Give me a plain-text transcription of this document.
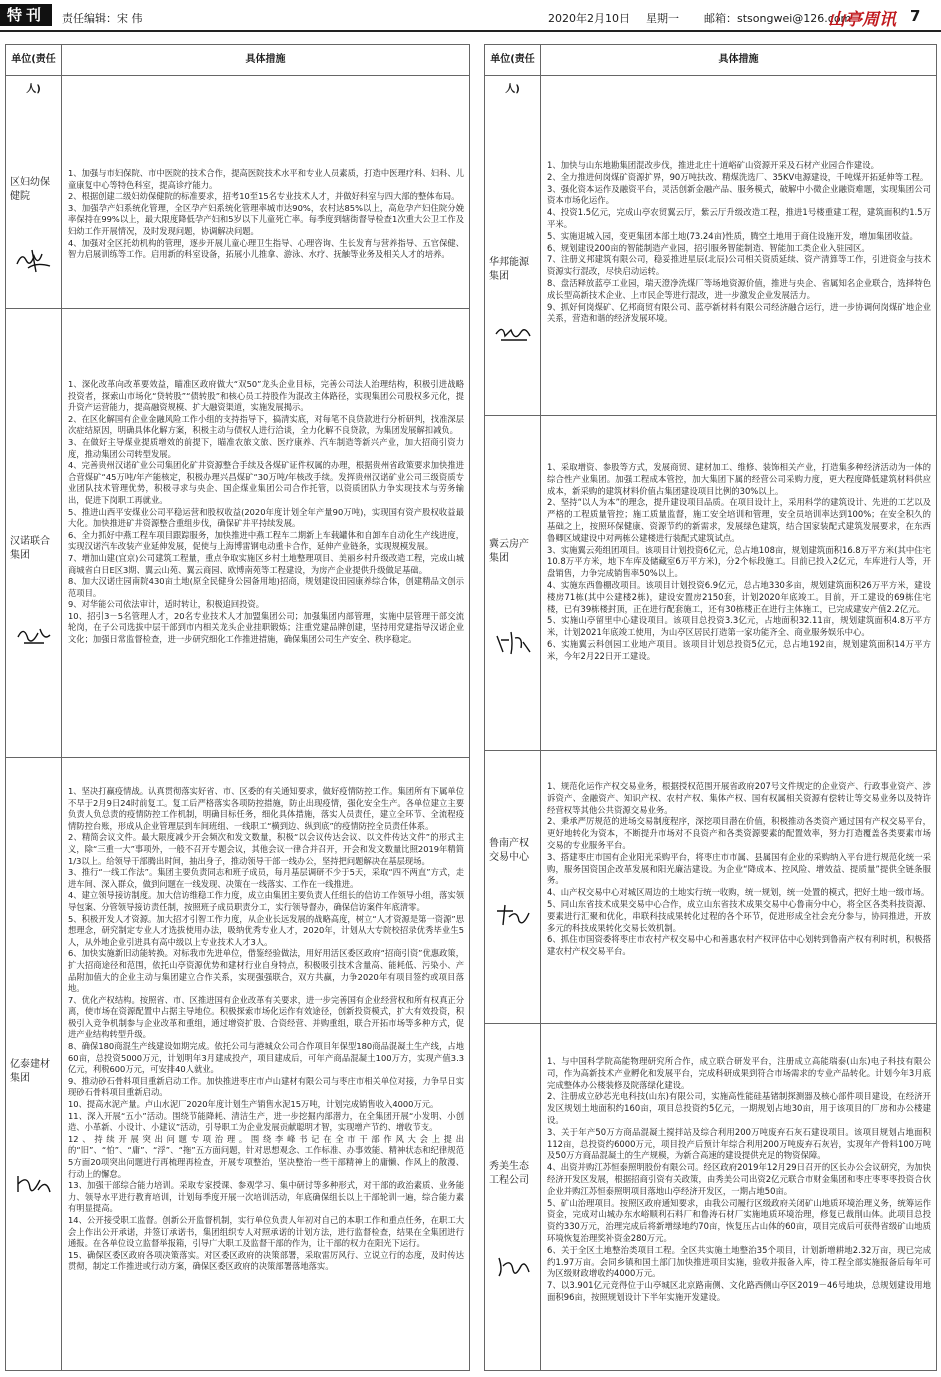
特刊	责任编辑：宋 伟	2020年2月10日 星期一 邮箱：stsongwei@126.com
山亭周讯 7
单位(责任人)
具体措施
区妇幼保健院
1、加强与市妇保院、市中医院的技术合作，提高医院技术水平和专业人员素质，打造中医理疗科、妇科、儿童康复中心等特色科室，提高诊疗能力。
2、根据创建二级妇幼保健院的标准要求，招考10至15名专业技术人才，并做好科室与四大部的整体布局。
3、加强孕产妇系统化管理，全区孕产妇系统化管理率城市达90%，农村达85%以上，高危孕产妇住院分娩率保持在99%以上，最大限度降低孕产妇和5岁以下儿童死亡率。每季度到辖街督导检查1次重大公卫工作及妇幼工作开展情况，及时发现问题，协调解决问题。
4、加强对全区托幼机构的管理，逐步开展儿童心理卫生指导、心理咨询、生长发育与营养指导、五官保健、智力启展训练等工作。启用新的科室设备，拓展小儿推拿、游泳、水疗、抚触等业务及相关人才的培养。
汉诺联合集团
1、深化改革向改革要效益，瞄准区政府做大“双50”龙头企业目标，完善公司法人治理结构，积极引进战略投资者，探索山市场化“贷转股”“债转股”和核心员工持股作为混改主体路径，实现集团公司股权多元化，提升资产运营能力，提高融资规模、扩大融资渠道，实施发展揭示。
2、在区化解国有企业金融风险工作小组的支持指导下，搞清实底，对每笔不良贷款进行分析研判，找准深层次症结原因，明确具体化解方案，积极主动与债权人进行洽谈，全力化解不良贷款，为集团发展解扣减负。
3、在做好主导煤业提质增效的前提下，瞄准农旅文旅、医疗康养、汽车制造等新兴产业，加大招商引资力度，推动集团公司转型发展。
4、完善贵州汉诺矿业公司集团化矿井资源整合手续及各煤矿证件权属的办理，根据贵州省政策要求加快推进合营煤矿“45万吨/年产能核定，积极办理兴昌煤矿“30万吨/年核改手续。发挥贵州汉诺矿业公司三级资质专业团队技术管理优势，积极寻求与央企、国企煤业集团公司合作托管，以资质团队力争实现技术与劳务输出，促进下岗职工再就业。
5、推进山西平安煤业公司平稳运营和股权收益(2020年度计划全年产量90万吨)，实现国有资产股权收益最大化。加快推进矿井资源整合重组步伐，确保矿井平持续发展。
6、全力抓好中燕工程车项目跟踪服务，加快推进中燕工程车二期新上车载罐体和自卸车自动化生产线进度，实现汉诺汽车改装产业延伸发展，促使与上海博雷钢电动重卡合作，延伸产业链条，实现规模发展。
7、增加山建(宜京)公司建筑工程量，重点争取实施区乡村土地整理项目、美丽乡村升级改造工程，完成山城商城省白日E区3期、翼云山苑、翼云商园、欧博南苑等工程建设，为房产企业提供升级做足基础。
8、加大汉诺庄园南院430亩土地(原全民健身公园备用地)招商，规划建设田园康养综合体，创建精品文创示范项目。
9、对华能公司依法审计，适时转让，积极追回投资。
10、招引3－5名管理人才，20名专业技术人才加盟集团公司；加强集团内部管理，实施中层管理干部交流轮岗，在子公司选拔中层干部到市内相关龙头企业挂职锻炼；注重党建品牌创建，坚持用党建指导汉诺企业文化；加强日常监督检查，进一步研究细化工作推进措施，确保集团公司生产安全、秩序稳定。
亿泰建材集团
1、坚决打赢疫情战。认真贯彻落实好省、市、区委的有关通知要求，做好疫情防控工作。集团所有下属单位不早于2月9日24时前复工。复工后严格落实各项防控措施，防止出现疫情，强化安全生产。各单位建立主要负责人负总责的疫情防控工作机制，明确目标任务，细化具体措施，落实人员责任，建立全环节、全流程疫情防控台账，形成从企业管理层到车间班组、一线职工“横到边、纵到底”的疫情防控全员责任体系。
2、精简会议文件。最大限度减少开会频次和发文数量，积极“以会议传达会议、以文件传达文件”的形式主义，除“三重一大”事项外，一般不召开专题会议，其他会议一律合并召开，开会和发文数量比照2019年精简1/3以上。给领导干部腾出时间，抽出身子，推动领导干部一线办公，坚持把问题解决在基层现场。
3、推行“一线工作法”。集团主要负责同志和班子成员，每月基层调研不少于5天，采取“四不两直”方式，走进车间、深入群众，做到问题在一线发现、决策在一线落实、工作在一线推进。
4、建立领导接访制度。加大信访维稳工作力度，成立由集团主要负责人任组长的信访工作领导小组，落实领导包案、分管领导接访责任制，按照班子成员职责分工，实行领导督办，确保信访案件年底清零。
5、积极开发人才资源。加大招才引智工作力度，从企业长远发展的战略高度，树立“人才资源是第一资源”思想理念，研究制定专业人才选拔使用办法，吸纳优秀专业人才，2020年，计划从大专院校招录优秀毕业生5人，从外地企业引进具有高中级以上专业技术人才3人。
6、加快实施新旧动能转换。对标我市先进单位，借鉴经验做法，用好用活区委区政府“招商引资”优惠政策，扩大招商途径和范围，依托山亭资源优势和建材行业自身特点，积极吸引技术含量高、能耗低、污染小、产品附加值大的企业主动与集团建立合作关系，实现强强联合，双方共赢，力争2020年有项目签约或项目落地。
7、优化产权结构。按照省、市、区推进国有企业改革有关要求，进一步完善国有企业经营权和所有权真正分离，使市场在资源配置中占据主导地位。积极探索市场化运作有效途径，创新投资模式，扩大有效投资，积极引入竞争机制参与企业改革和重组，通过增资扩股、合资经营、并购重组，联合开拓市场等多种方式，促进产业结构转型升级。
8、确保180商混生产线建设如期完成。依托公司与港城众公司合作项目年保型180商品混凝土生产线，占地60亩，总投资5000万元，计划明年3月建成投产，项目建成后，可年产商品混凝土100万方，实现产值3.3亿元，利税600万元，可安排40人就业。
9、推动砂石骨料项目重新启动工作。加快推进枣庄市卢山建材有限公司与枣庄市相关单位对接，力争早日实现砂石骨料项目重新启动。
10、提高水泥产量。卢山水泥厂2020年度计划生产销售水泥15万吨，计划完成销售收入4000万元。
11、深入开展“五小”活动。围绕节能降耗、清洁生产，进一步挖掘内部潜力，在全集团开展“小发明、小创造、小革新、小设计、小建议”活动，引导职工为企业发展贡献聪明才智，实现增产节约、增收节支。
12、持续开展突出问题专项治理。围绕李峰书记在全市干部作风大会上提出的“旧”、“怕”、“庸”、“浮”、“拖”五方面问题，针对思想观念、工作标准、办事效能、精神状态和纪律规范5方面20项突出问题进行再梳理再检查，开展专项整治，坚决整治一些干部精神上的庸懒、作风上的散漫、行动上的懈怠。
13、加强干部综合能力培训。采取专家授课、参观学习、集中研讨等多种形式，对干部的政治素质、业务能力、领导水平进行教育培训，计划每季度开展一次培训活动，年底确保组长以上干部轮训一遍，综合能力素有明显提高。
14、公开接受职工监督。创新公开监督机制，实行单位负责人年初对自己的本职工作和重点任务，在职工大会上作出公开承诺，并签订承诺书，集团组织专人对照承诺的计划方法，进行监督检查，结果在全集团进行通报。在各单位设立监督举报箱，引导广大职工及监督干部的作为，让干部的权力在阳光下运行。
15、确保区委区政府各项决策落实。对区委区政府的决策部署，采取雷厉风行、立说立行的态度，及时传达贯彻，制定工作推进或行动方案，确保区委区政府的决策部署落地落实。
单位(责任人)
具体措施
华邦能源集团
1、加快与山东地勘集团混改步伐，推进北庄十道峪矿山资源开采及石材产业园合作建设。
2、全力推进何岗煤矿资源扩界，90万吨扶改、精煤洗选厂、35KV电源建设，千吨煤开拓延伸等工程。
3、强化资本运作及融资平台，灵活创新金融产品、服务模式，破解中小微企业融资难题，实现集团公司资本市场化运作。
4、投资1.5亿元，完成山亭农贸翼云厅，紫云厅升级改造工程，推进1号楼重建工程，建筑面积约1.5万平米。
5、实施退城入园，变更集团本部土地(73.24亩)性质，腾空土地用于商住设施开发，增加集团收益。
6、规划建设200亩的智能制造产业园，招引服务智能制造、智能加工类企业入驻园区。
7、注册义邦建筑有限公司，稳妥推进星辰(北辰)公司相关资质延续、资产清算等工作，引进资金与技术资源实行混改，尽快启动运转。
8、盘活释放蓝亭工业园，瑞天澄净洗煤厂等场地资源价值，推进与央企、省属知名企业联合，选择特色成长型高新技术企业、上市民企等进行混改，进一步激发企业发展活力。
9、抓好何岗煤矿、亿邦商贸有限公司、蓝亭新材料有限公司经济融合运行，进一步协调何岗煤矿地企业关系，营造和谐的经济发展环境。
冀云房产集团
1、采取增资、参股等方式，发展商贸、建材加工、维修、装饰相关产业，打造集多种经济活动为一体的综合性产业集团。加强工程成本管控，加大集团下属的经营公司采购力度，更大程度降低建筑材料供应成本，新采购的建筑材料价值占集团建设项目比例的30%以上。
2、坚持“以人为本”的理念，提升建设项目品质。在项目设计上，采用科学的建筑设计、先进的工艺以及严格的工程质量管控；施工质量监督，施工安全培训和管理，安全员培训率达到100%；在安全积久的基础之上，按照环保健康、资源节约的新需求，发展绿色建筑，结合国家装配式建筑发展要求，在东西鲁卿区域建设中对两栋公建楼进行装配式建筑试点。
3、实施翼云苑组团项目。该项目计划投资6亿元，总占地108亩，规划建筑面积16.8万平方米(其中住宅10.8万平方米，地下车库及储藏室6万平方米)，分2个标段施工。目前已投入2亿元，车库进行人等，开盘销售，力争完成销售率50%以上。
4、实施东西鲁棚改项目。该项目计划投资6.9亿元，总占地330多亩，规划建筑面积26万平方米，建设楼房71栋(其中公建楼2栋)，建设安置房2150套，计划2020年底竣工。目前，开工建设的69栋住宅楼，已有39栋楼封顶，正在进行配套施工，还有30栋楼正在进行主体施工，已完成建安产值2.2亿元。
5、实施山亭留里中心建设项目。该项目总投资3.3亿元，占地面积32.11亩，规划建筑面积4.8万平方米，计划2021年底竣工使用，为山亭区居民打造第一家功能齐全、商业服务娱乐中心。
6、实施翼云科创园工业地产项目。该项目计划总投资5亿元，总占地192亩，规划建筑面积14万平方米，今年2月22日开工建设。
鲁南产权交易中心
1、规范化运作产权交易业务，根据授权范围开展省政府207号文件规定的企业资产、行政事业资产、涉诉资产、金融资产、知识产权、农村产权、集体产权、国有权属相关资源有偿转让等交易业务以及特许经营权等其他公共资源交易业务。
2、秉承严厉规范的进场交易制度程序，深挖项目潜在价值，积极推动各类资产通过国有产权交易平台，更好地转化为资本，不断提升市场对不良资产和各类资源要素的配置效率，努力打造覆盖各类要素市场交易的专业服务平台。
3、搭建枣庄市国有企业阳光采购平台，将枣庄市市属、县属国有企业的采购纳入平台进行规范化统一采购，服务国资国企改革发展和阳光廉洁建设。为企业“降成本、控风险、增效益、提质量”提供全链条服务。
4、山产权交易中心对城区周边的土地实行统一收购，统一规划，统一处置的模式，把好土地一级市场。
5、同山东省技术成果交易中心合作，成立山东省技术成果交易中心鲁南分中心，将全区各类科技资源、要素进行汇聚和优化，串联科技成果转化过程的各个环节，促进形成全社会充分参与，协同推进，开放多元的科技成果转化交易长效机制。
6、抓住市国资委将枣庄市农村产权交易中心和善惠农村产权评估中心划转到鲁南产权有利时机，积极搭建农村产权交易平台。
秀美生态工程公司
1、与中国科学院高能物理研究所合作，成立联合研发平台，注册成立高能瑞泰(山东)电子科技有限公司，作为高新技术产业孵化和发展平台，完成科研成果到符合市场需求的专业产品转化。计划今年3月底完成整体办公楼装修及院落绿化建设。
2、注册成立砂芯光电科技(山东)有限公司，实施高性能硅基锗制探测器及核心部件项目建设，在经济开发区规划土地面积约160亩，项目总投资约5亿元，一期规划占地30亩，用于该项目的厂房和办公楼建设。
3、关于年产50万方商品混凝土搅拌站及综合利用200万吨废弃石灰石建设项目。该项目规划占地面积112亩，总投资约6000万元，项目投产后预计年综合利用200万吨废弃石灰岩，实现年产骨料100万吨及50万方商品混凝土的生产规模，为新合高速的建设提供充足的物资保障。
4、出资并购江苏恒泰照明股份有限公司。经区政府2019年12月29日召开的区长办公会议研究，为加快经济开发区发展，根据招商引资有关政策，由秀美公司出资2亿元联合市财金集团和枣庄枣枣枣投资合伙企业并购江苏恒泰照明项目落地山亭经济开发区，一期占地50亩。
5、矿山治理项目。按照区政府通知要求，由我公司履行区级政府关闭矿山地质环境治理义务，统筹运作资金，完成对山城办东水峪顺利石料厂和鲁涛石材厂实施地质环境治理，修复已裁削山体。此项目总投资约330万元，治理完成后将新增绿地约70亩，恢复压占山体的60亩，项目完成后可获得省级矿山地质环境恢复治理奖补资金280万元。
6、关于全区土地整治类项目工程。全区共实施土地整治35个项目，计划新增耕地2.32万亩，现已完成约1.97万亩。会同乡镇和国土部门加快推进项目实施，验收并报备入库，待工程全部实施报备后每年可为区级财政增收约4000万元。
7、以3.901亿元竞得位于山亭城区北京路南侧、文化路西侧山亭区2019－46号地块，总规划建设用地面积96亩，按照规划设计下半年实施开发建设。
